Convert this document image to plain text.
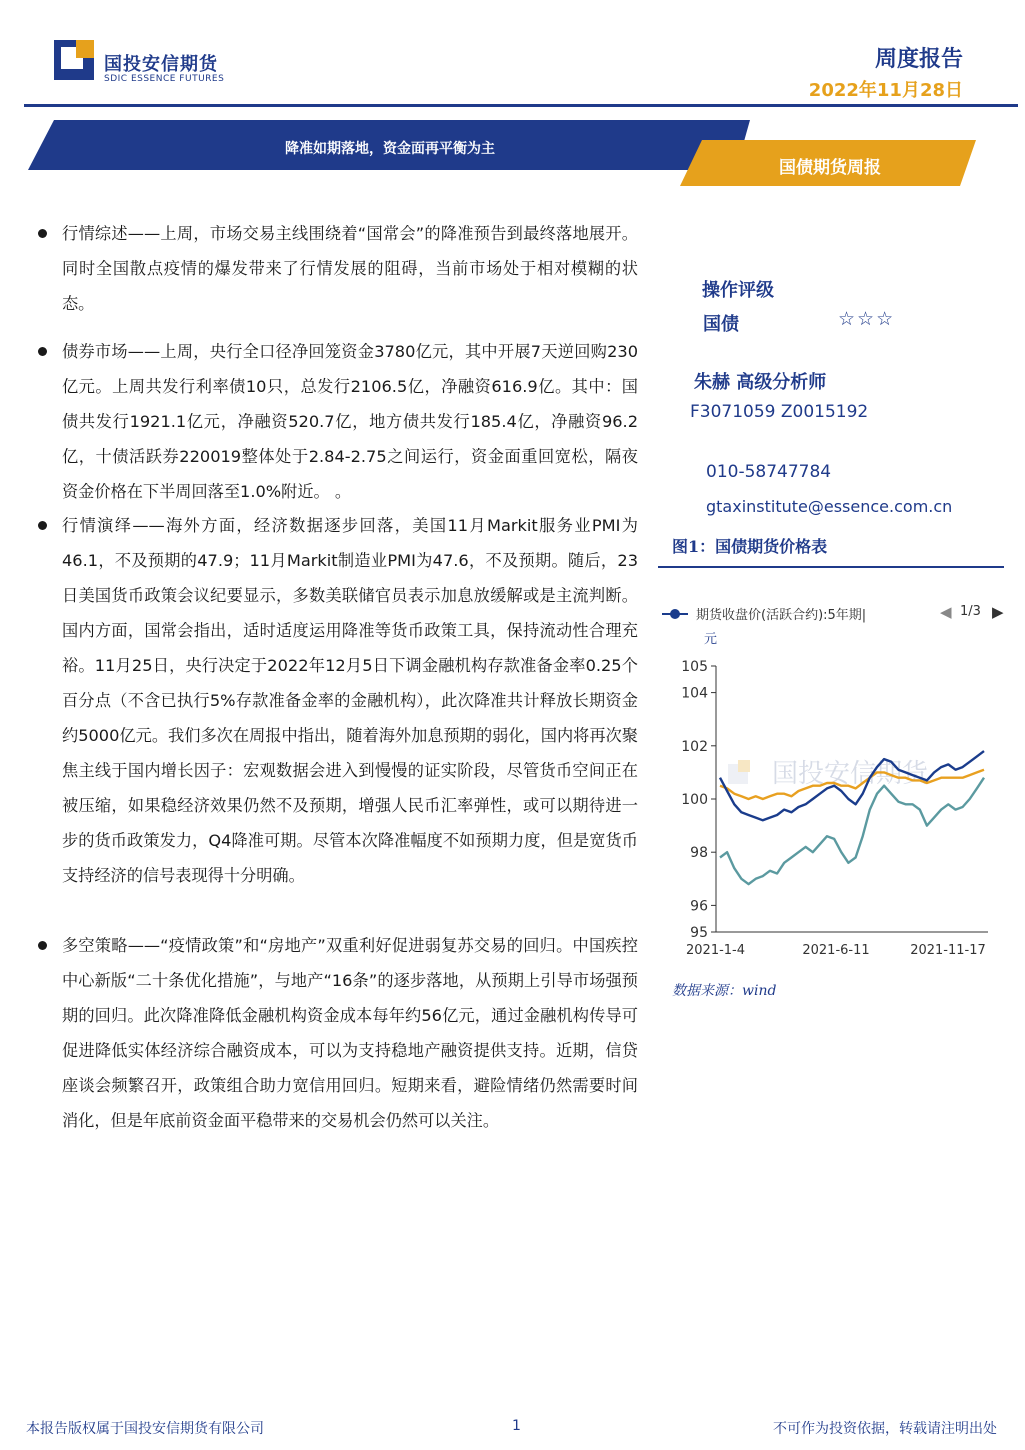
国投安信期货
SDIC ESSENCE FUTURES
周度报告
2022年11月28日
降准如期落地，资金面再平衡为主
国债期货周报
行情综述——上周，市场交易主线围绕着“国常会”的降准预告到最终落地展开。同时全国散点疫情的爆发带来了行情发展的阻碍，当前市场处于相对模糊的状态。
债券市场——上周，央行全口径净回笼资金3780亿元，其中开展7天逆回购230亿元。上周共发行利率债10只，总发行2106.5亿，净融资616.9亿。其中：国债共发行1921.1亿元，净融资520.7亿，地方债共发行185.4亿，净融资96.2亿，十债活跃券220019整体处于2.84-2.75之间运行，资金面重回宽松，隔夜资金价格在下半周回落至1.0%附近。 。
行情演绎——海外方面，经济数据逐步回落，美国11月Markit服务业PMI为46.1，不及预期的47.9；11月Markit制造业PMI为47.6，不及预期。随后，23日美国货币政策会议纪要显示，多数美联储官员表示加息放缓解或是主流判断。国内方面，国常会指出，适时适度运用降准等货币政策工具，保持流动性合理充裕。11月25日，央行决定于2022年12月5日下调金融机构存款准备金率0.25个百分点（不含已执行5%存款准备金率的金融机构），此次降准共计释放长期资金约5000亿元。我们多次在周报中指出，随着海外加息预期的弱化，国内将再次聚焦主线于国内增长因子：宏观数据会进入到慢慢的证实阶段，尽管货币空间正在被压缩，如果稳经济效果仍然不及预期，增强人民币汇率弹性，或可以期待进一步的货币政策发力，Q4降准可期。尽管本次降准幅度不如预期力度，但是宽货币支持经济的信号表现得十分明确。
多空策略——“疫情政策”和“房地产”双重利好促进弱复苏交易的回归。中国疾控中心新版“二十条优化措施”，与地产“16条”的逐步落地，从预期上引导市场强预期的回归。此次降准降低金融机构资金成本每年约56亿元，通过金融机构传导可促进降低实体经济综合融资成本，可以为支持稳地产融资提供支持。近期，信贷座谈会频繁召开，政策组合助力宽信用回归。短期来看，避险情绪仍然需要时间消化，但是年底前资金面平稳带来的交易机会仍然可以关注。
操作评级
国债	☆☆☆
朱赫 高级分析师
F3071059 Z0015192
010-58747784
gtaxinstitute@essence.com.cn
图1：国债期货价格表
期货收盘价(活跃合约):5年期|	◀ 1/3 ▶
元
国投安信期货
95
96
98
100
102
104
105
2021-1-4	2021-6-11	2021-11-17
数据来源：wind
本报告版权属于国投安信期货有限公司	1	不可作为投资依据，转载请注明出处
